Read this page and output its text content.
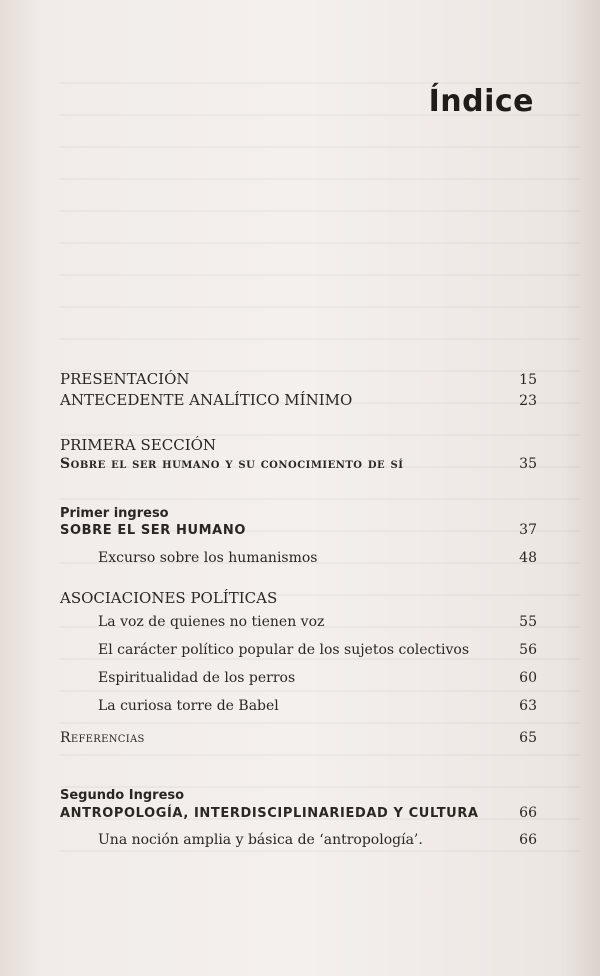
Índice
PRESENTACIÓN	15
ANTECEDENTE ANALÍTICO MÍNIMO	23
PRIMERA SECCIÓN
Sobre el ser humano y su conocimiento de sí	35
Primer ingreso
SOBRE EL SER HUMANO	37
Excurso sobre los humanismos	48
ASOCIACIONES POLÍTICAS
La voz de quienes no tienen voz	55
El carácter político popular de los sujetos colectivos	56
Espiritualidad de los perros	60
La curiosa torre de Babel	63
Referencias	65
Segundo Ingreso
ANTROPOLOGÍA, INTERDISCIPLINARIEDAD Y CULTURA	66
Una noción amplia y básica de ‘antropología’.	66
